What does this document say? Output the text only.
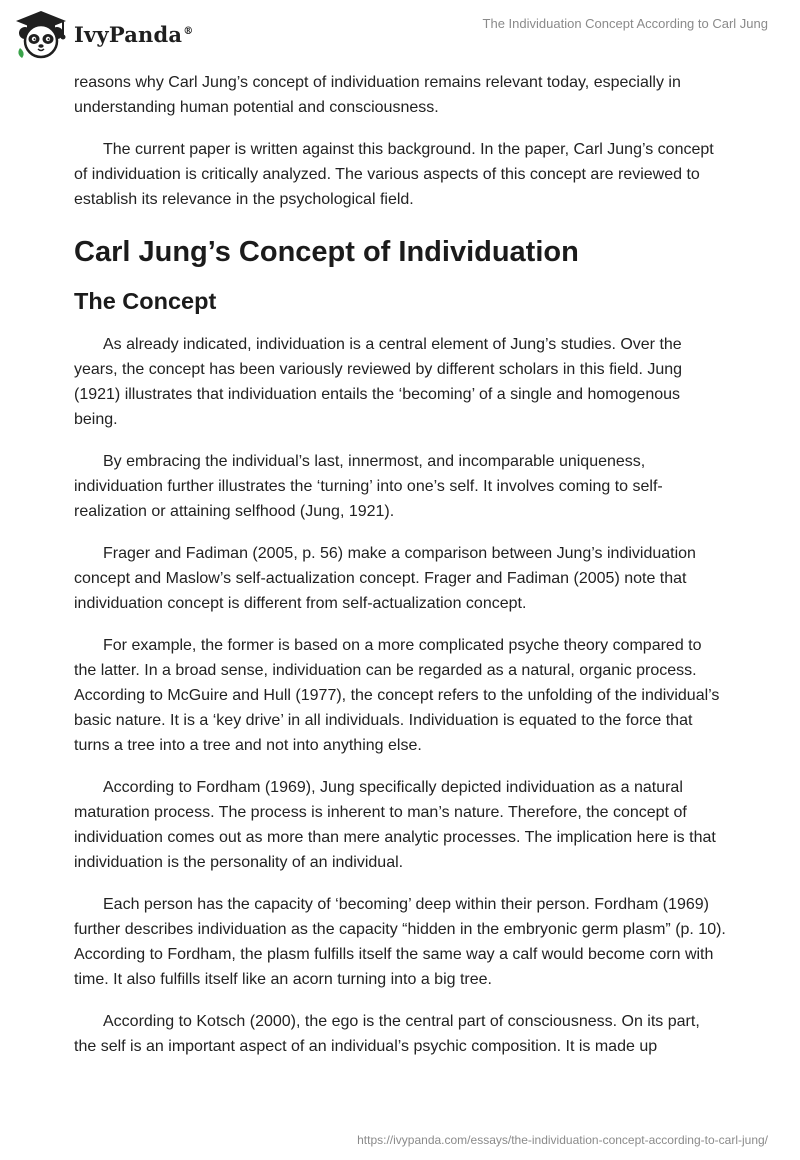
IvyPanda®	The Individuation Concept According to Carl Jung

reasons why Carl Jung’s concept of individuation remains relevant today, especially in understanding human potential and consciousness.

The current paper is written against this background. In the paper, Carl Jung’s concept of individuation is critically analyzed. The various aspects of this concept are reviewed to establish its relevance in the psychological field.

Carl Jung’s Concept of Individuation
The Concept

As already indicated, individuation is a central element of Jung’s studies. Over the years, the concept has been variously reviewed by different scholars in this field. Jung (1921) illustrates that individuation entails the ‘becoming’ of a single and homogenous being.

By embracing the individual’s last, innermost, and incomparable uniqueness, individuation further illustrates the ‘turning’ into one’s self. It involves coming to self-realization or attaining selfhood (Jung, 1921).

Frager and Fadiman (2005, p. 56) make a comparison between Jung’s individuation concept and Maslow’s self-actualization concept. Frager and Fadiman (2005) note that individuation concept is different from self-actualization concept.

For example, the former is based on a more complicated psyche theory compared to the latter. In a broad sense, individuation can be regarded as a natural, organic process. According to McGuire and Hull (1977), the concept refers to the unfolding of the individual’s basic nature. It is a ‘key drive’ in all individuals. Individuation is equated to the force that turns a tree into a tree and not into anything else.

According to Fordham (1969), Jung specifically depicted individuation as a natural maturation process. The process is inherent to man’s nature. Therefore, the concept of individuation comes out as more than mere analytic processes. The implication here is that individuation is the personality of an individual.

Each person has the capacity of ‘becoming’ deep within their person. Fordham (1969) further describes individuation as the capacity “hidden in the embryonic germ plasm” (p. 10). According to Fordham, the plasm fulfills itself the same way a calf would become corn with time. It also fulfills itself like an acorn turning into a big tree.

According to Kotsch (2000), the ego is the central part of consciousness. On its part, the self is an important aspect of an individual’s psychic composition. It is made up

https://ivypanda.com/essays/the-individuation-concept-according-to-carl-jung/
